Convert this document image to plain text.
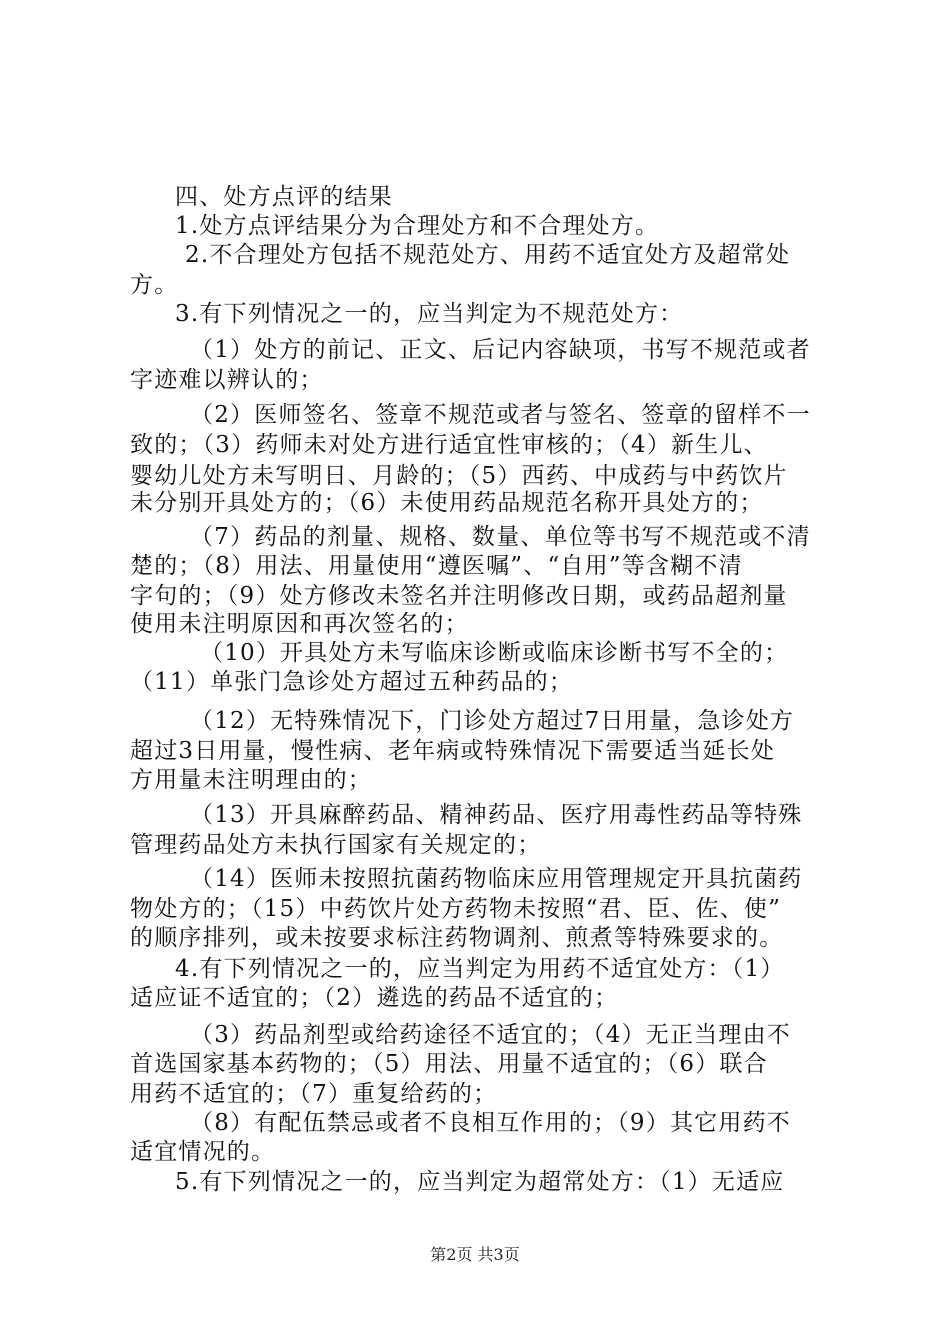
四、处方点评的结果
1.处方点评结果分为合理处方和不合理处方。
2.不合理处方包括不规范处方、用药不适宜处方及超常处
方。
3.有下列情况之一的，应当判定为不规范处方：
（1）处方的前记、正文、后记内容缺项，书写不规范或者
字迹难以辨认的；
（2）医师签名、签章不规范或者与签名、签章的留样不一
致的；（3）药师未对处方进行适宜性审核的；（4）新生儿、
婴幼儿处方未写明日、月龄的；（5）西药、中成药与中药饮片
未分别开具处方的；（6）未使用药品规范名称开具处方的；
（7）药品的剂量、规格、数量、单位等书写不规范或不清
楚的；（8）用法、用量使用“遵医嘱”、“自用”等含糊不清
字句的；（9）处方修改未签名并注明修改日期，或药品超剂量
使用未注明原因和再次签名的；
（10）开具处方未写临床诊断或临床诊断书写不全的；
（11）单张门急诊处方超过五种药品的；
（12）无特殊情况下，门诊处方超过7日用量，急诊处方
超过3日用量，慢性病、老年病或特殊情况下需要适当延长处
方用量未注明理由的；
（13）开具麻醉药品、精神药品、医疗用毒性药品等特殊
管理药品处方未执行国家有关规定的；
（14）医师未按照抗菌药物临床应用管理规定开具抗菌药
物处方的；（15）中药饮片处方药物未按照“君、臣、佐、使”
的顺序排列，或未按要求标注药物调剂、煎煮等特殊要求的。
4.有下列情况之一的，应当判定为用药不适宜处方：（1）
适应证不适宜的；（2）遴选的药品不适宜的；
（3）药品剂型或给药途径不适宜的；（4）无正当理由不
首选国家基本药物的；（5）用法、用量不适宜的；（6）联合
用药不适宜的；（7）重复给药的；
（8）有配伍禁忌或者不良相互作用的；（9）其它用药不
适宜情况的。
5.有下列情况之一的，应当判定为超常处方：（1）无适应
第2页 共3页
